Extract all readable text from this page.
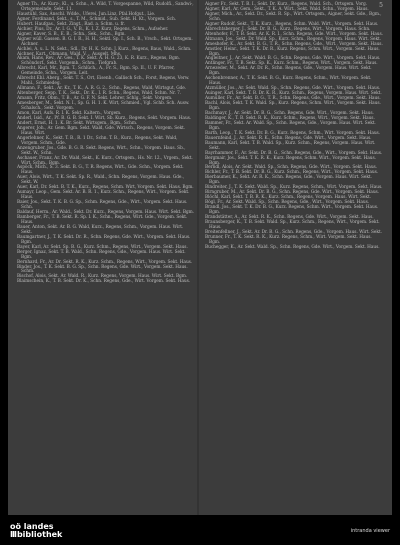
5

Agner Th., Ar. Kurz-, Kl., u. Schn., A. Wild, T. Vorgespanne, Wild, Rudolfi., Sandwi-, Ortsgemeinde, Sekt. 11.

Haustühl, Sax, Anschl. Wdde., Uferei, Jun.Linz, Pfal.Hofgut., Lie.

Agner, Ferdinand, Sekt., s., T. M., Schmid., Sub. Sekt. H. Kt., Vorgem. Sch.

Hubert. Haufgas., Sekt. Zingt., Rad. a. Schm. u. fr.

Aichier, Pius, Dr., Ar. I. G., V. B., K. I. Z. Kurz, Regens, Schm., Aufseher.

Aigner, Kaver, S. B., E. B., Schn., Sek., Schn., Bgm.

Aigner wüll. Gassen. B. G. I. R., H. H., Sektl. Sp. I., Sch. B., Vrsch., Sekt. Ortsgem. Aichner.

Aichlei, A. u. L. N. Sekt., Sdl., Dr. H. K. Schn. J. Kurz., Regens, Baus, Wald., Schm.

Aichner, Kart., Obmann, Wald. V. ., Ausgelt. Mhs.

Akam, Hans, Rev., Ar. Ges., T. K. Sekt. A. H. G. 23, K. R. Kurz., Regens, Bgm. Schöndorf., Sekt. Vorgemb., Schm., Tiefgrab.

Albrecht, Karl, Mr., Bgm. T., Schlüch., A., Fr. S., Bgm. Sp. II., U. F. Pfarrer, Gemeinde, Schn., Vorgem. Leit.

Albrecht Ehl. Aberg., Sekt. T. S., Ort, Eisenb., Gallisch Sch., Forst, Regens, Verw. Mahl., Schmiedeg.

Allmann, F., Sekt., Ar. Kr., T. K., A. R. G. 2., Schn., Regens, Wald, Wirtsgut, Gde.

Altenberger, Sepp, T. K., Sekt., Dr. K., I. R. Schn., Regens, Wald, Schm. Nr. 7.

Amann, Fritz, Obm., T. B., Ar. G. F. N. Sekt. Lehrer, Schlg., Sekt. Vorgem.

Amesberger, M., Sekt. N. I., Sp. G. H. 1. K. Wirt, Schmied., Vgl. Schb. Sch. Ausw. Schalsch., Sekt. Vorgem.

Amon, Karl, Aufs. R. I. K. Sekt. Kaltern., Vorgem.

Anderl, Isid., Ar., Pf. B. G. B. Sekt. I. Wirt, Sb. Kurz., Regens, Sekt. Vorgem. Haus.

Andert, Ernst, H. 1. K. Br. Sekt. Wirtsgem., Bgm., Schm.

Angerer, Joh., Ar. Gem. Bgm. Sekt. Wald, Gde. Wirtsch., Regens, Vorgem. Sekt. Haus. Wirt.

Angerlehner, K., Sekt. T. B., R. 1 Dr., Schn. T. B., Kurz., Regens, Sekt. Wald, Vorgem. Schm., Gde.

Anzengruber, Jos., Gde. B. G. R. Sekt. Regens, Wirt., Schn., Vorgem. Haus. Sb., Sekt. W., Schn.

Aschauer, Franz, Ar. Dr. Wald, Sekt., K. Kurz., Ortsgem., Hs. Nr. 12., Vrgem., Sekt. Wirt, Schm., Bgm.

Aspöck, Mich., S. 3. Sekt. B. G., T. R. Regens, Wirt., Gde. Schn., Vorgem. Sekt. Haus.

Auer, Alois, Wirt., T. K. Sekt. Sp. R., Wald., Schn. Regens, Vorgem. Haus. Gde., Sekt. W.

Auer, Karl, Dr. Sekt. B. T. K., Kurz., Regens, Schm. Wirt, Vorgem. Sekt. Haus. Bgm.

Aumayr, Leop., Gem. Sekt. Ar. B. R. 1., Kurz. Schn., Regens, Wirt., Vorgem. Sekt. Haus.

Baier, Jos., Sekt. T. K. B. G. Sp., Schm. Regens, Gde., Wirt., Vorgem. Sekt. Haus. Schn.

Baldauf, Herm., Ar. Wald., Sekt. Dr. Kurz., Regens, Vorgem. Haus. Wirt. Sekt. Bgm.

Bamberger, Fr., T. B. Sekt. R. Sp. I. K., Schn., Regens, Wirt. Gde., Vorgem. Sekt. Haus.

Bauer, Anton, Sekt. Ar. B. G. Wald, Kurz., Regens, Schm., Vorgem. Haus. Wirt. Sekt.

Baumgartner, J., T. K. Sekt. Dr. R., Schn. Regens, Gde. Wirt., Vorgem. Sekt. Haus. Bgm.

Bayer, Karl, Ar. Sekt. Sp. B. G., Kurz. Schm., Regens, Wirt., Vorgem. Sekt. Haus.

Berger, Ignaz, Sekt. T. B. Wald., Schn. Regens, Gde., Vorgem. Haus. Wirt. Sekt. Bgm.

Bernhard, Fr., Ar. Dr. Sekt. R. K., Kurz. Schm., Regens, Wirt., Vorgem. Sekt. Haus.

Binder, Jos., T. K. Sekt. B. G. Sp., Schn. Regens, Gde. Wirt., Vorgem. Sekt. Haus. Schm.

Bischof, Alois, Sekt. Ar. Wald. R., Kurz. Regens, Vorgem. Haus. Wirt. Sekt. Bgm.

Blaimschein, K., T. B. Sekt. Dr. K., Schn. Regens, Gde., Wirt. Vorgem. Sekt. Haus.

Aigner Fr., Sekt. T. B. I., Sekt. Dr. Kurz., Regens, Wald. Sch., Ortsgem. Vorg.

Aigner, Karl, Ar. Gem., Sekt., T. K. A. Wirt., Sekt. Wald. Schn., Vorgem. Haus.

Aigner, Mich., Ar., Sekt. Dr., Sekt. R. Sp., Wirt. Ortsgem., Aigner, Sekt. Gde., Bgm., Schn.

Aigner Rudolf, Sekt., T. K. Kurz., Regens, Schm. Wald. Wirt., Vorgem. Sekt. Haus.

Albrechtsberger, J., Sekt. Dr. B. G., Kurz., Regens, Wirt., Vorgem. Haus. Schn.

Altenhofer, F., T. B. Sekt. Ar. K. R. I., Schn. Regens, Gde. Wirt., Vorgem. Sekt. Haus.

Altmann, Jos., Sekt. Dr. Wald. Sp., Kurz. Schm., Regens, Vorgem. Haus. Wirt. Sekt.

Ameshofer, K., Ar. Sekt. B. G., T. R., Schn. Regens, Gde., Wirt., Vorgem. Sekt. Haus.

Amstler, Heinr., Sekt. T. K. Dr. R., Kurz. Regens, Schm. Wirt., Vorgem. Sekt. Haus. Bgm.

Angleitner, J., Ar. Sekt. Wald. B. G., Schn. Regens, Gde. Wirt., Vorgem. Sekt. Haus.

Antlinger, Fr., T. B. Sekt. Sp. K., Kurz. Schm., Regens, Wirt., Vorgem. Sekt. Haus.

Arnezeder, M., Sekt. Ar. Dr. R., Schn. Regens, Gde., Vorgem. Haus. Wirt. Sekt. Bgm.

Aschenbrenner, A., T. K. Sekt. B. G., Kurz. Regens, Schm., Wirt. Vorgem. Sekt. Haus.

Atzmüller, Jos., Ar. Sekt. Wald. Sp., Schn. Regens, Gde. Wirt., Vorgem. Sekt. Haus.

Auinger, Karl, Sekt. T. B. Dr. K. R., Kurz. Schm., Regens, Vorgem. Haus. Wirt. Sekt.

Aumüller, Fr., Ar. Sekt. B. G., T. R., Schn. Regens, Gde., Wirt., Vorgem. Sekt. Haus.

Bachl, Alois, Sekt. T. K. Wald. Sp., Kurz. Regens, Schm. Wirt., Vorgem. Sekt. Haus. Bgm.

Bachmayr, J., Ar. Sekt. Dr. B. G., Schn. Regens, Gde. Wirt., Vorgem. Sekt. Haus.

Baldinger, K., T. B. Sekt. R. K., Kurz. Schm., Regens, Wirt., Vorgem. Sekt. Haus.

Bammer, Fr., Sekt. Ar. Wald. Sp., Schn. Regens, Gde., Vorgem. Haus. Wirt. Sekt. Bgm.

Barth, Leop., T. K. Sekt. Dr. B. G., Kurz. Regens, Schm., Wirt. Vorgem. Sekt. Haus.

Bauernfeind, J., Ar. Sekt. R. K., Schn. Regens, Gde. Wirt., Vorgem. Sekt. Haus.

Baumann, Karl, Sekt. T. B. Wald. Sp., Kurz. Schm., Regens, Vorgem. Haus. Wirt. Sekt.

Bayrhammer, F., Ar. Sekt. Dr. B. G., Schn. Regens, Gde., Wirt., Vorgem. Sekt. Haus.

Bergmair, Jos., Sekt. T. K. R. K., Kurz. Regens, Schm. Wirt., Vorgem. Sekt. Haus. Bgm.

Berndl, Alois, Ar. Sekt. Wald. Sp., Schn. Regens, Gde. Wirt., Vorgem. Sekt. Haus.

Bichler, Fr., T. B. Sekt. Dr. B. G., Kurz. Schm., Regens, Wirt., Vorgem. Sekt. Haus.

Bierbaumer, K., Sekt. Ar. R. K., Schn. Regens, Gde., Vorgem. Haus. Wirt. Sekt. Bgm.

Bindreiter, J., T. K. Sekt. Wald. Sp., Kurz. Regens, Schm., Wirt. Vorgem. Sekt. Haus.

Birngruber, M., Ar. Sekt. Dr. B. G., Schn. Regens, Gde. Wirt., Vorgem. Sekt. Haus.

Blöchl, Karl, Sekt. T. B. R. K., Kurz. Schm., Regens, Vorgem. Haus. Wirt. Sekt.

Bögl, Fr., Ar. Sekt. Wald. Sp., Schn. Regens, Gde., Wirt., Vorgem. Sekt. Haus.

Brandl, Jos., Sekt. T. K. Dr. B. G., Kurz. Regens, Schm. Wirt., Vorgem. Sekt. Haus. Bgm.

Brandstätter, A., Ar. Sekt. R. K., Schn. Regens, Gde. Wirt., Vorgem. Sekt. Haus.

Braunsberger, K., T. B. Sekt. Wald. Sp., Kurz. Schm., Regens, Wirt., Vorgem. Sekt. Haus.

Breitenfellner, J., Sekt. Ar. Dr. B. G., Schn. Regens, Gde., Vorgem. Haus. Wirt. Sekt.

Brunner, Fr., T. K. Sekt. R. K., Kurz. Regens, Schm., Wirt. Vorgem. Sekt. Haus. Bgm.

Buchegger, K., Ar. Sekt. Wald. Sp., Schn. Regens, Gde. Wirt., Vorgem. Sekt. Haus.

oö landes
IIIbibliothek	intranda viewer
